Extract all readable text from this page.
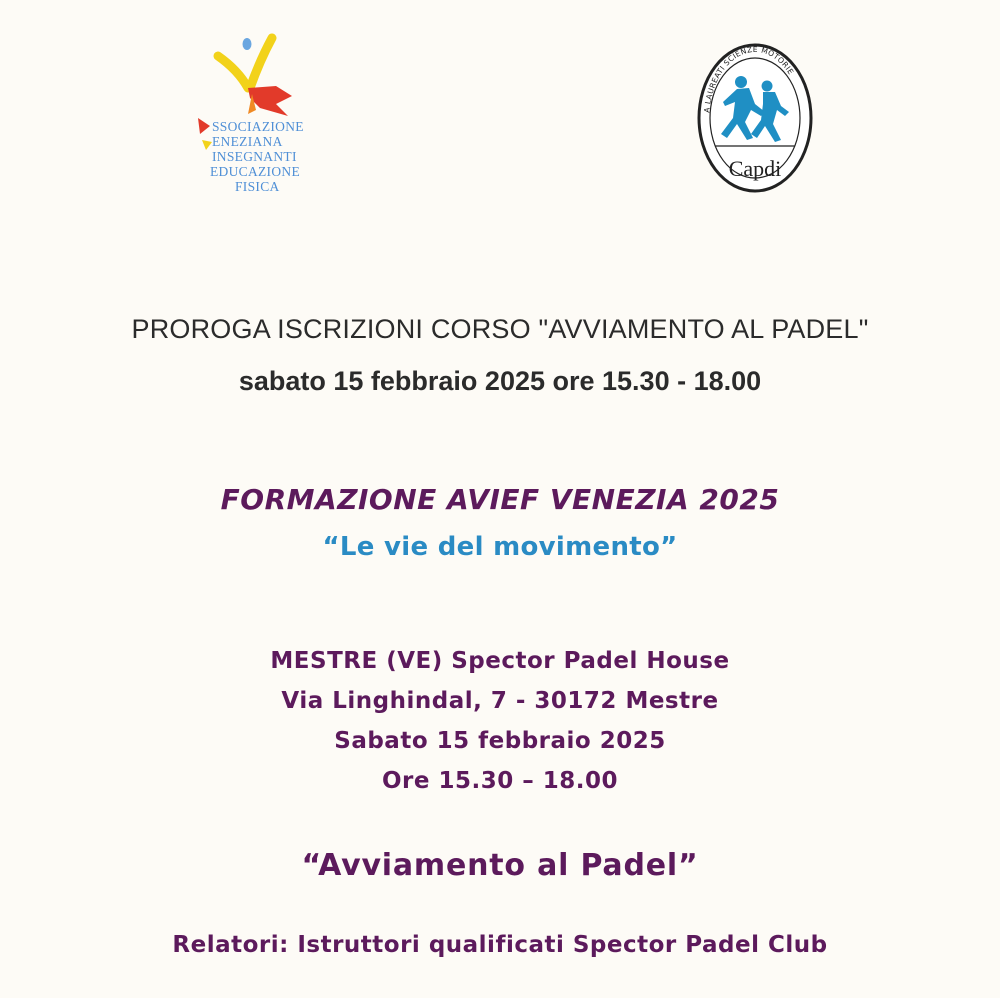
SSOCIAZIONE
ENEZIANA
INSEGNANTI
EDUCAZIONE
FISICA
A LAUREATI SCIENZE MOTORIE
Capdi
PROROGA ISCRIZIONI CORSO "AVVIAMENTO AL PADEL"
sabato 15 febbraio 2025 ore 15.30 - 18.00
FORMAZIONE AVIEF VENEZIA 2025
“Le vie del movimento”
MESTRE (VE) Spector Padel House
Via Linghindal, 7 - 30172 Mestre
Sabato 15 febbraio 2025
Ore 15.30 – 18.00
“Avviamento al Padel”
Relatori: Istruttori qualificati Spector Padel Club
